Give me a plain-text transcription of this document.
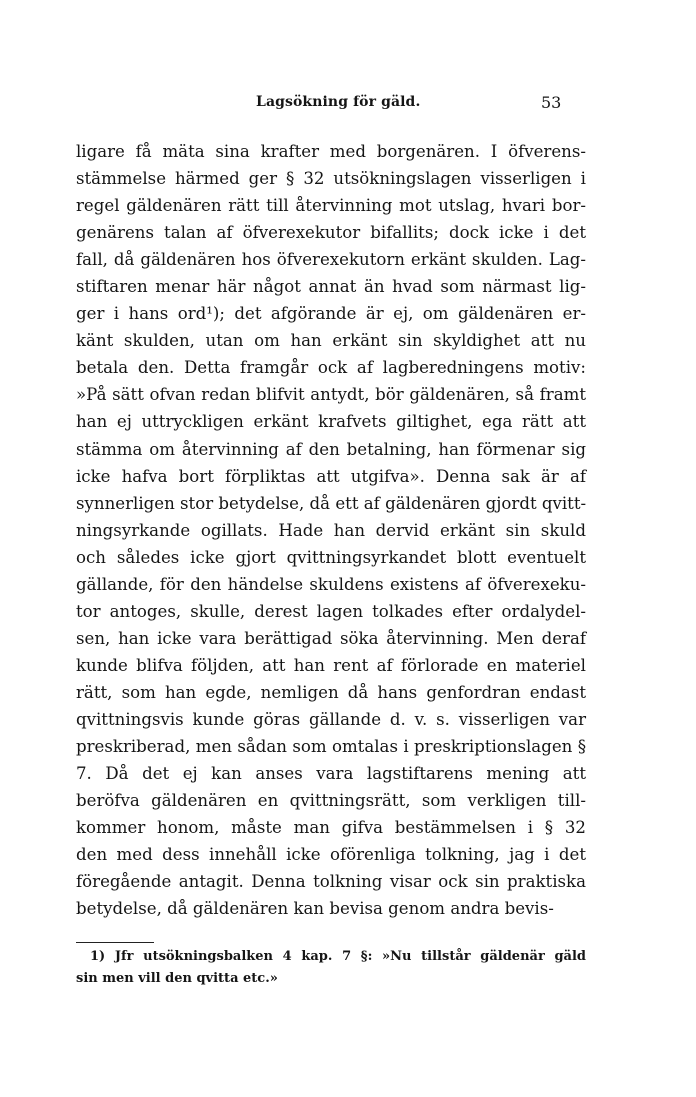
Lagsökning för gäld.	53
ligare få mäta sina krafter med borgenären. I öfverens-
stämmelse härmed ger § 32 utsökningslagen visserligen i
regel gäldenären rätt till återvinning mot utslag, hvari bor-
genärens talan af öfverexekutor bifallits; dock icke i det
fall, då gäldenären hos öfverexekutorn erkänt skulden. Lag-
stiftaren menar här något annat än hvad som närmast lig-
ger i hans ord¹); det afgörande är ej, om gäldenären er-
känt skulden, utan om han erkänt sin skyldighet att nu
betala den. Detta framgår ock af lagberedningens motiv:
»På sätt ofvan redan blifvit antydt, bör gäldenären, så framt
han ej uttryckligen erkänt krafvets giltighet, ega rätt att
stämma om återvinning af den betalning, han förmenar sig
icke hafva bort förpliktas att utgifva». Denna sak är af
synnerligen stor betydelse, då ett af gäldenären gjordt qvitt-
ningsyrkande ogillats. Hade han dervid erkänt sin skuld
och således icke gjort qvittningsyrkandet blott eventuelt
gällande, för den händelse skuldens existens af öfverexeku-
tor antoges, skulle, derest lagen tolkades efter ordalydel-
sen, han icke vara berättigad söka återvinning. Men deraf
kunde blifva följden, att han rent af förlorade en materiel
rätt, som han egde, nemligen då hans genfordran endast
qvittningsvis kunde göras gällande d. v. s. visserligen var
preskriberad, men sådan som omtalas i preskriptionslagen §
7. Då det ej kan anses vara lagstiftarens mening att
beröfva gäldenären en qvittningsrätt, som verkligen till-
kommer honom, måste man gifva bestämmelsen i § 32
den med dess innehåll icke oförenliga tolkning, jag i det
föregående antagit. Denna tolkning visar ock sin praktiska
betydelse, då gäldenären kan bevisa genom andra bevis-
1) Jfr utsökningsbalken 4 kap. 7 §: »Nu tillstår gäldenär gäld
sin men vill den qvitta etc.»
